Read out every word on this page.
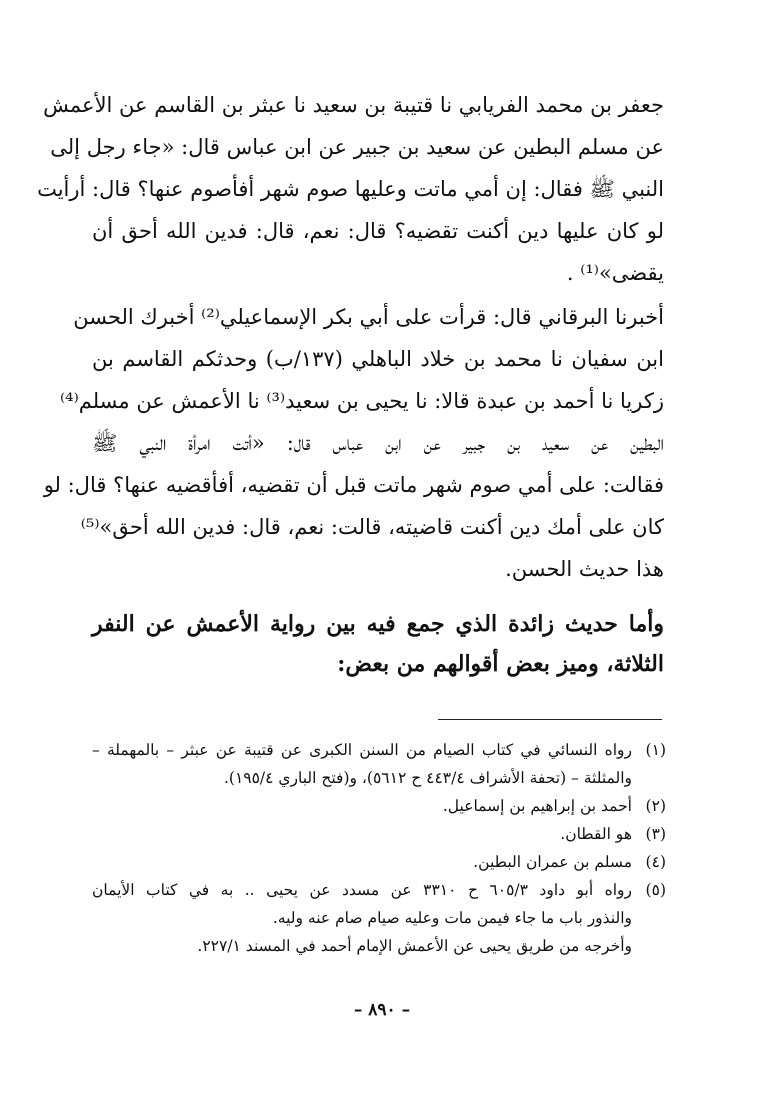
جعفر بن محمد الفريابي نا قتيبة بن سعيد نا عبثر بن القاسم عن الأعمش
عن مسلم البطين عن سعيد بن جبير عن ابن عباس قال: «جاء رجل إلى
النبي ﷺ فقال: إن أمي ماتت وعليها صوم شهر أفأصوم عنها؟ قال: أرأيت
لو كان عليها دين أكنت تقضيه؟ قال: نعم، قال: فدين الله أحق أن
يقضى»⁽¹⁾ .
أخبرنا البرقاني قال: قرأت على أبي بكر الإسماعيلي⁽²⁾ أخبرك الحسن
ابن سفيان نا محمد بن خلاد الباهلي (١٣٧/ب) وحدثكم القاسم بن
زكريا نا أحمد بن عبدة قالا: نا يحيى بن سعيد⁽³⁾ نا الأعمش عن مسلم⁽⁴⁾
البطين عن سعيد بن جبير عن ابن عباس قال: «أتت امرأة النبي ﷺ
فقالت: على أمي صوم شهر ماتت قبل أن تقضيه، أفأقضيه عنها؟ قال: لو
كان على أمك دين أكنت قاضيته، قالت: نعم، قال: فدين الله أحق»⁽⁵⁾
هذا حديث الحسن.
وأما حديث زائدة الذي جمع فيه بين رواية الأعمش عن النفر
الثلاثة، وميز بعض أقوالهم من بعض:
(١)
رواه النسائي في كتاب الصيام من السنن الكبرى عن قتيبة عن عبثر – بالمهملة –
والمثلثة – (تحفة الأشراف ٤٤٣/٤ ح ٥٦١٢)، و(فتح الباري ١٩٥/٤).
(٢)
أحمد بن إبراهيم بن إسماعيل.
(٣)
هو القطان.
(٤)
مسلم بن عمران البطين.
(٥)
رواه أبو داود ٦٠٥/٣ ح ٣٣١٠ عن مسدد عن يحيى .. به في كتاب الأيمان
والنذور باب ما جاء فيمن مات وعليه صيام صام عنه وليه.
وأخرجه من طريق يحيى عن الأعمش الإمام أحمد في المسند ٢٢٧/١.
– ٨٩٠ –
